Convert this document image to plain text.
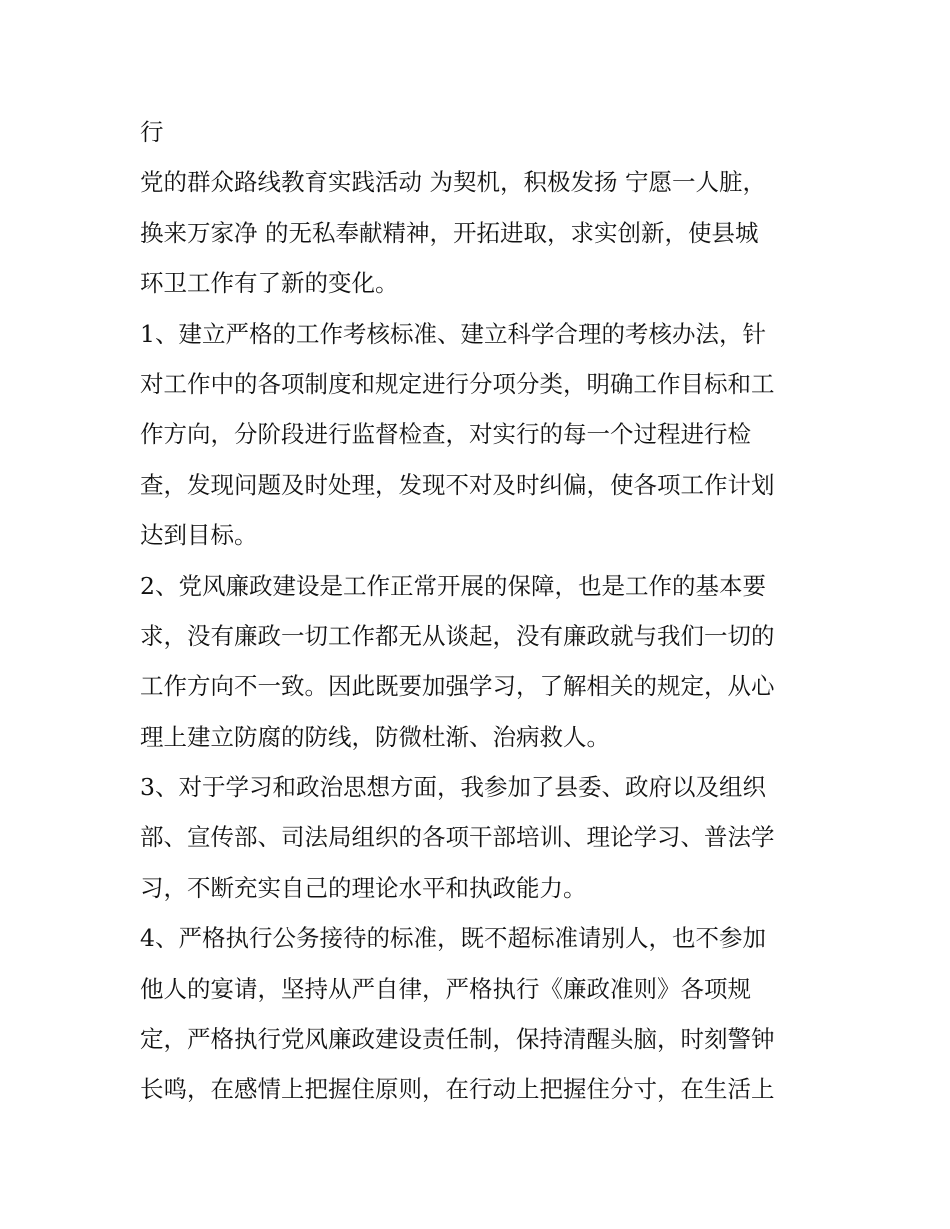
行
党的群众路线教育实践活动 为契机，积极发扬 宁愿一人脏，
换来万家净 的无私奉献精神，开拓进取，求实创新，使县城
环卫工作有了新的变化。
1、建立严格的工作考核标准、建立科学合理的考核办法，针
对工作中的各项制度和规定进行分项分类，明确工作目标和工
作方向，分阶段进行监督检查，对实行的每一个过程进行检
查，发现问题及时处理，发现不对及时纠偏，使各项工作计划
达到目标。
2、党风廉政建设是工作正常开展的保障，也是工作的基本要
求，没有廉政一切工作都无从谈起，没有廉政就与我们一切的
工作方向不一致。因此既要加强学习，了解相关的规定，从心
理上建立防腐的防线，防微杜渐、治病救人。
3、对于学习和政治思想方面，我参加了县委、政府以及组织
部、宣传部、司法局组织的各项干部培训、理论学习、普法学
习，不断充实自己的理论水平和执政能力。
4、严格执行公务接待的标准，既不超标准请别人，也不参加
他人的宴请，坚持从严自律，严格执行《廉政准则》各项规
定，严格执行党风廉政建设责任制，保持清醒头脑，时刻警钟
长鸣，在感情上把握住原则，在行动上把握住分寸，在生活上
